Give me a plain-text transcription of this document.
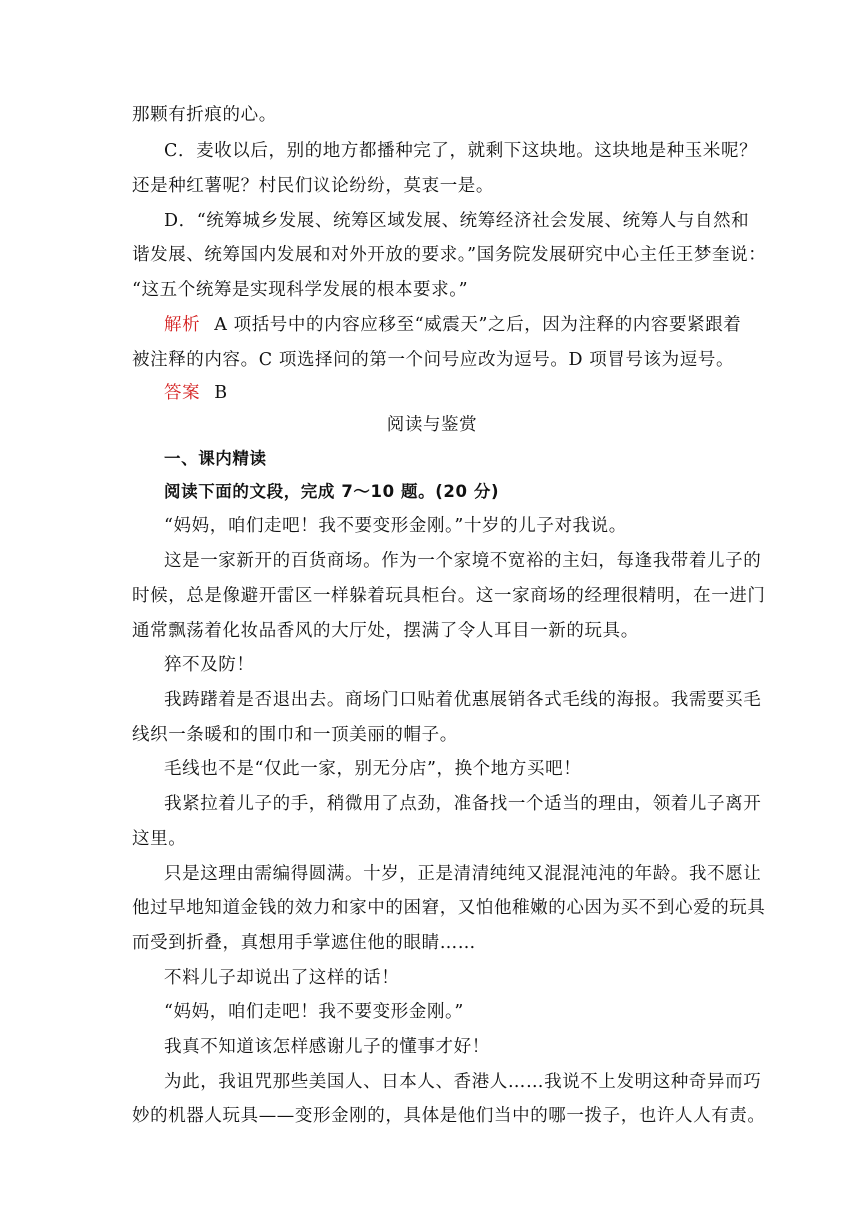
那颗有折痕的心。
C．麦收以后，别的地方都播种完了，就剩下这块地。这块地是种玉米呢？
还是种红薯呢？村民们议论纷纷，莫衷一是。
D．“统筹城乡发展、统筹区域发展、统筹经济社会发展、统筹人与自然和
谐发展、统筹国内发展和对外开放的要求。”国务院发展研究中心主任王梦奎说：
“这五个统筹是实现科学发展的根本要求。”
解析 A 项括号中的内容应移至“威震天”之后，因为注释的内容要紧跟着
被注释的内容。C 项选择问的第一个问号应改为逗号。D 项冒号该为逗号。
答案 B
阅读与鉴赏
一、课内精读
阅读下面的文段，完成 7～10 题。(20 分)
“妈妈，咱们走吧！我不要变形金刚。”十岁的儿子对我说。
这是一家新开的百货商场。作为一个家境不宽裕的主妇，每逢我带着儿子的
时候，总是像避开雷区一样躲着玩具柜台。这一家商场的经理很精明，在一进门
通常飘荡着化妆品香风的大厅处，摆满了令人耳目一新的玩具。
猝不及防！
我踌躇着是否退出去。商场门口贴着优惠展销各式毛线的海报。我需要买毛
线织一条暖和的围巾和一顶美丽的帽子。
毛线也不是“仅此一家，别无分店”，换个地方买吧！
我紧拉着儿子的手，稍微用了点劲，准备找一个适当的理由，领着儿子离开
这里。
只是这理由需编得圆满。十岁，正是清清纯纯又混混沌沌的年龄。我不愿让
他过早地知道金钱的效力和家中的困窘，又怕他稚嫩的心因为买不到心爱的玩具
而受到折叠，真想用手掌遮住他的眼睛……
不料儿子却说出了这样的话！
“妈妈，咱们走吧！我不要变形金刚。”
我真不知道该怎样感谢儿子的懂事才好！
为此，我诅咒那些美国人、日本人、香港人……我说不上发明这种奇异而巧
妙的机器人玩具——变形金刚的，具体是他们当中的哪一拨子，也许人人有责。
